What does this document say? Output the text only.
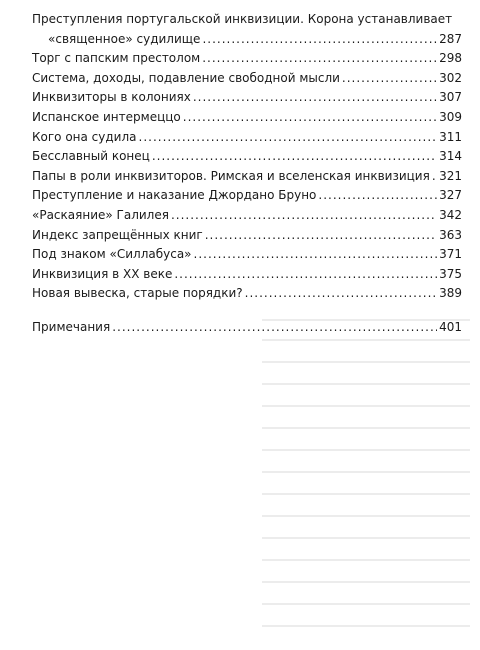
Преступления португальской инквизиции. Корона устанавливает
«священное» судилище .....	287
Торг с папским престолом .....	298
Система, доходы, подавление свободной мысли .....	302
Инквизиторы в колониях .....	307
Испанское интермеццо .....	309
Кого она судила .....	311
Бесславный конец .....	314
Папы в роли инквизиторов. Римская и вселенская инквизиция ..... 321
Преступление и наказание Джордано Бруно .....	327
«Раскаяние» Галилея .....	342
Индекс запрещённых книг .....	363
Под знаком «Силлабуса» .....	371
Инквизиция в XX веке .....	375
Новая вывеска, старые порядки? .....	389
Примечания .....	401
